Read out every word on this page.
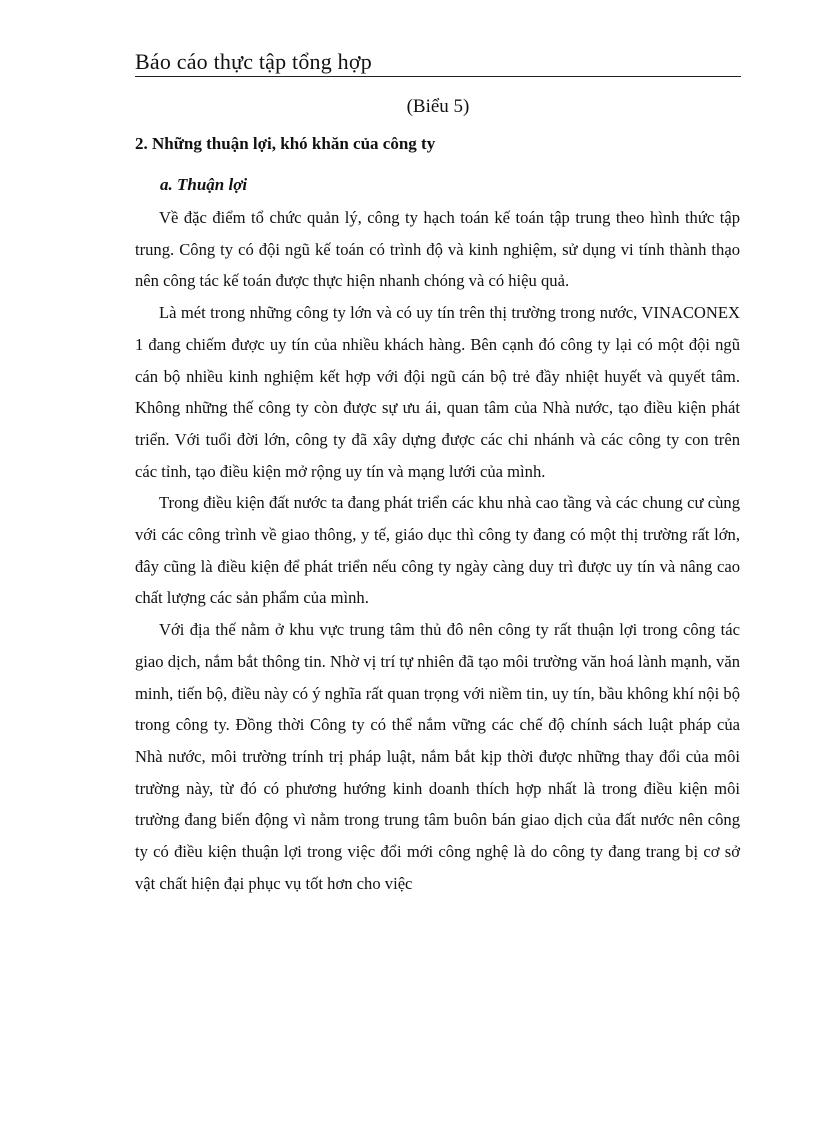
Báo cáo thực tập tổng hợp
(Biểu 5)
2. Những thuận lợi, khó khăn của công ty
a. Thuận lợi

Về đặc điểm tổ chức quản lý, công ty hạch toán kế toán tập trung theo hình thức tập trung. Công ty có đội ngũ kế toán có trình độ và kinh nghiệm, sử dụng vi tính thành thạo nên công tác kế toán được thực hiện nhanh chóng và có hiệu quả.

Là mét trong những công ty lớn và có uy tín trên thị trường trong nước, VINACONEX 1 đang chiếm được uy tín của nhiều khách hàng. Bên cạnh đó công ty lại có một đội ngũ cán bộ nhiều kinh nghiệm kết hợp với đội ngũ cán bộ trẻ đầy nhiệt huyết và quyết tâm. Không những thế công ty còn được sự ưu ái, quan tâm của Nhà nước, tạo điều kiện phát triển. Với tuổi đời lớn, công ty đã xây dựng được các chi nhánh và các công ty con trên các tỉnh, tạo điều kiện mở rộng uy tín và mạng lưới của mình.

Trong điều kiện đất nước ta đang phát triển các khu nhà cao tầng và các chung cư cùng với các công trình về giao thông, y tế, giáo dục thì công ty đang có một thị trường rất lớn, đây cũng là điều kiện để phát triển nếu công ty ngày càng duy trì được uy tín và nâng cao chất lượng các sản phẩm của mình.

Với địa thế nằm ở khu vực trung tâm thủ đô nên công ty rất thuận lợi trong công tác giao dịch, nắm bắt thông tin. Nhờ vị trí tự nhiên đã tạo môi trường văn hoá lành mạnh, văn minh, tiến bộ, điều này có ý nghĩa rất quan trọng với niềm tin, uy tín, bầu không khí nội bộ trong công ty. Đồng thời Công ty có thể nắm vững các chế độ chính sách luật pháp của Nhà nước, môi trường trính trị pháp luật, nắm bắt kịp thời được những thay đổi của môi trường này, từ đó có phương hướng kinh doanh thích hợp nhất là trong điều kiện môi trường đang biến động vì nằm trong trung tâm buôn bán giao dịch của đất nước nên công ty có điều kiện thuận lợi trong việc đổi mới công nghệ là do công ty đang trang bị cơ sở vật chất hiện đại phục vụ tốt hơn cho việc
